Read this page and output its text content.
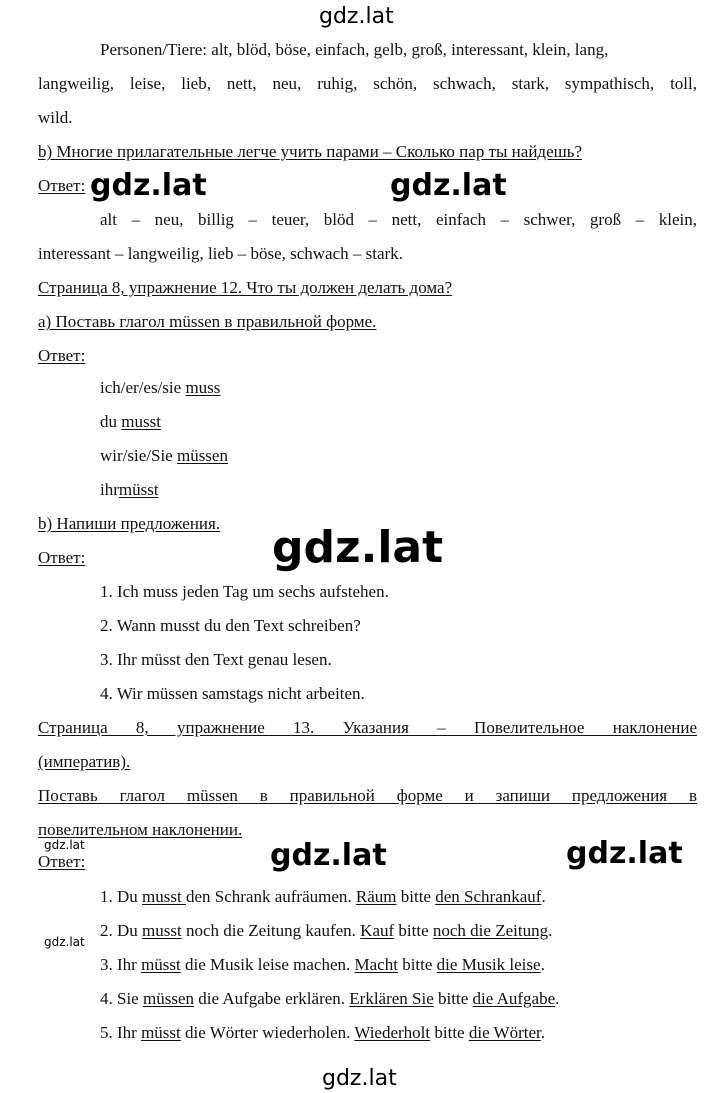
gdz.lat
gdz.lat	gdz.lat
gdz.lat
gdz.lat	gdz.lat
gdz.lat
gdz.lat
gdz.lat
Personen/Tiere: alt, blöd, böse, einfach, gelb, groß, interessant, klein, lang,
langweilig, leise, lieb, nett, neu, ruhig, schön, schwach, stark, sympathisch, toll,
wild.
b) Многие прилагательные легче учить парами – Сколько пар ты найдешь?
Ответ:
alt – neu, billig – teuer, blöd – nett, einfach – schwer, groß – klein,
interessant – langweilig, lieb – böse, schwach – stark.
Страница 8, упражнение 12. Что ты должен делать дома?
а) Поставь глагол müssen в правильной форме.
Ответ:
ich/er/es/sie muss
du musst
wir/sie/Sie müssen
ihrmüsst
b) Напиши предложения.
Ответ:
1. Ich muss jeden Tag um sechs aufstehen.
2. Wann musst du den Text schreiben?
3. Ihr müsst den Text genau lesen.
4. Wir müssen samstags nicht arbeiten.
Страница 8, упражнение 13. Указания – Повелительное наклонение
(императив).
Поставь глагол müssen в правильной форме и запиши предложения в
повелительном наклонении.
Ответ:
1. Du musst den Schrank aufräumen. Räum bitte den Schrankauf.
2. Du musst noch die Zeitung kaufen. Kauf bitte noch die Zeitung.
3. Ihr müsst die Musik leise machen. Macht bitte die Musik leise.
4. Sie müssen die Aufgabe erklären. Erklären Sie bitte die Aufgabe.
5. Ihr müsst die Wörter wiederholen. Wiederholt bitte die Wörter.
